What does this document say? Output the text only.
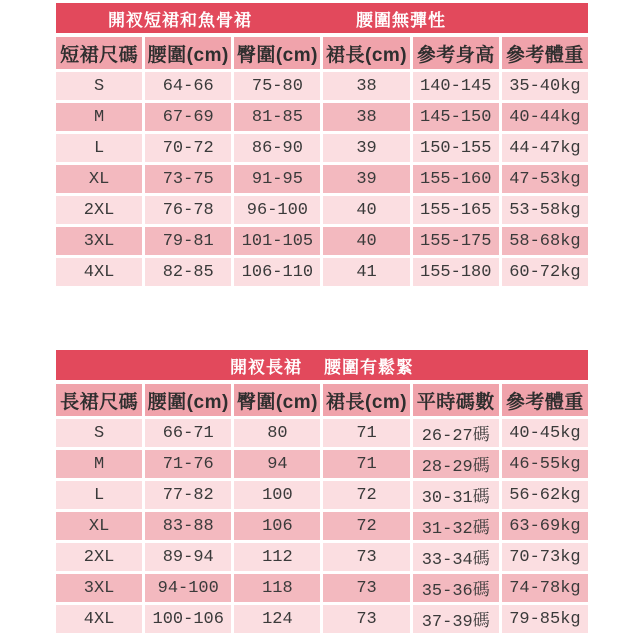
開衩短裙和魚骨裙	腰圍無彈性
短裙尺碼 腰圍(cm) 臀圍(cm) 裙長(cm) 參考身高 參考體重
S	64-66	75-80	38	140-145	35-40kg
M	67-69	81-85	38	145-150	40-44kg
L	70-72	86-90	39	150-155	44-47kg
XL	73-75	91-95	39	155-160	47-53kg
2XL	76-78	96-100	40	155-165	53-58kg
3XL	79-81	101-105	40	155-175	58-68kg
4XL	82-85	106-110	41	155-180	60-72kg
開衩長裙 腰圍有鬆緊
長裙尺碼 腰圍(cm) 臀圍(cm) 裙長(cm) 平時碼數 參考體重
S	66-71	80	71	26-27碼	40-45kg
M	71-76	94	71	28-29碼	46-55kg
L	77-82	100	72	30-31碼	56-62kg
XL	83-88	106	72	31-32碼	63-69kg
2XL	89-94	112	73	33-34碼	70-73kg
3XL	94-100	118	73	35-36碼	74-78kg
4XL	100-106	124	73	37-39碼	79-85kg
